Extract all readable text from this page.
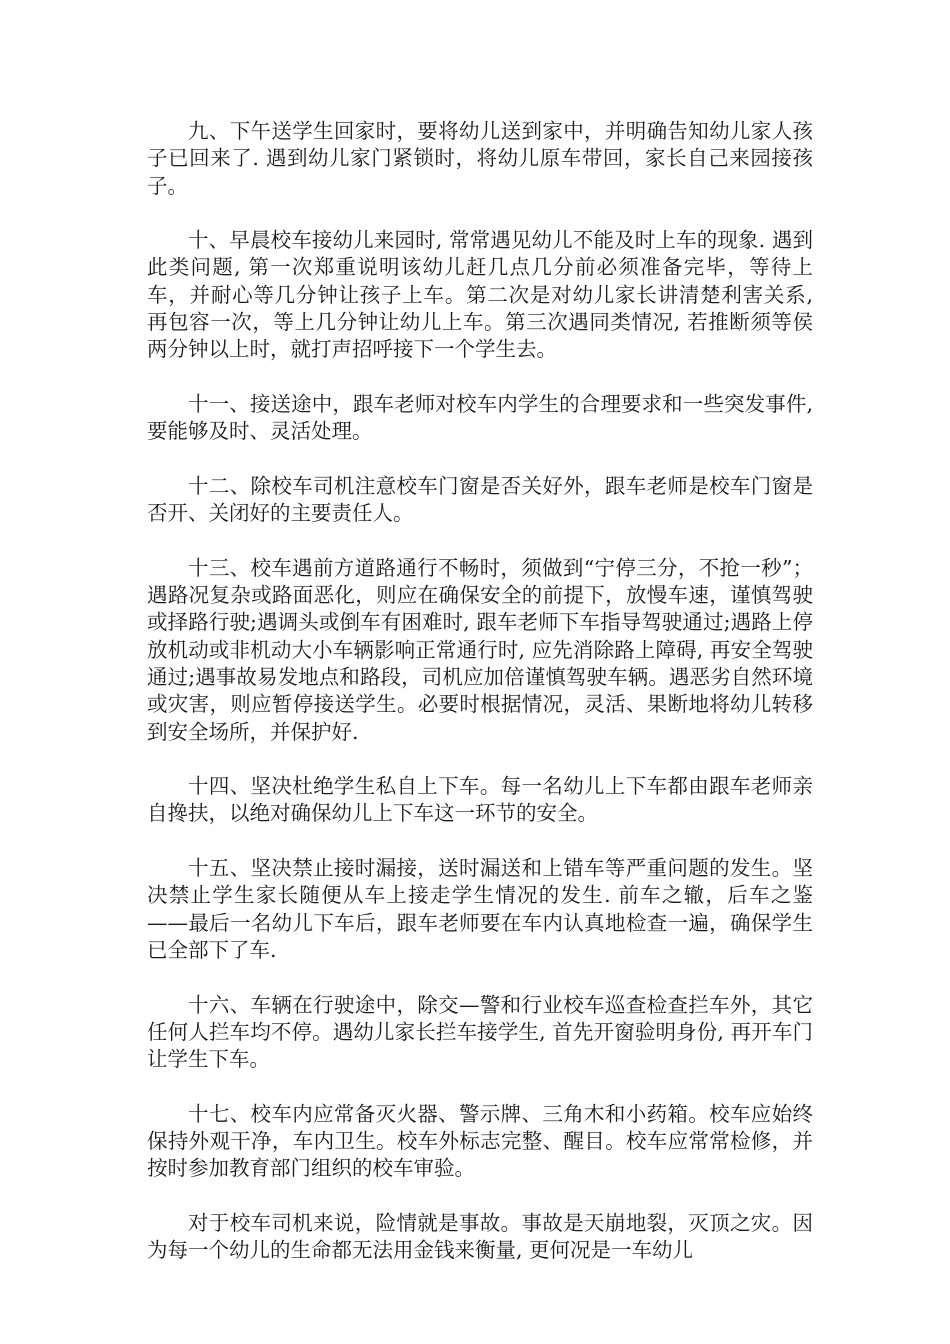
九、下午送学生回家时，要将幼儿送到家中，并明确告知幼儿家人孩子已回来了. 遇到幼儿家门紧锁时，将幼儿原车带回，家长自己来园接孩子。

十、早晨校车接幼儿来园时, 常常遇见幼儿不能及时上车的现象. 遇到此类问题, 第一次郑重说明该幼儿赶几点几分前必须准备完毕，等待上车，并耐心等几分钟让孩子上车。第二次是对幼儿家长讲清楚利害关系, 再包容一次，等上几分钟让幼儿上车。第三次遇同类情况, 若推断须等侯两分钟以上时，就打声招呼接下一个学生去。

十一、接送途中，跟车老师对校车内学生的合理要求和一些突发事件, 要能够及时、灵活处理。

十二、除校车司机注意校车门窗是否关好外，跟车老师是校车门窗是否开、关闭好的主要责任人。

十三、校车遇前方道路通行不畅时，须做到“宁停三分，不抢一秒”；遇路况复杂或路面恶化，则应在确保安全的前提下，放慢车速，谨慎驾驶或择路行驶;遇调头或倒车有困难时, 跟车老师下车指导驾驶通过;遇路上停放机动或非机动大小车辆影响正常通行时, 应先消除路上障碍, 再安全驾驶通过;遇事故易发地点和路段，司机应加倍谨慎驾驶车辆。遇恶劣自然环境或灾害，则应暂停接送学生。必要时根据情况，灵活、果断地将幼儿转移到安全场所，并保护好.

十四、坚决杜绝学生私自上下车。每一名幼儿上下车都由跟车老师亲自搀扶，以绝对确保幼儿上下车这一环节的安全。

十五、坚决禁止接时漏接，送时漏送和上错车等严重问题的发生。坚决禁止学生家长随便从车上接走学生情况的发生. 前车之辙，后车之鉴——最后一名幼儿下车后，跟车老师要在车内认真地检查一遍，确保学生已全部下了车.

十六、车辆在行驶途中，除交—警和行业校车巡查检查拦车外，其它任何人拦车均不停。遇幼儿家长拦车接学生, 首先开窗验明身份, 再开车门让学生下车。

十七、校车内应常备灭火器、警示牌、三角木和小药箱。校车应始终保持外观干净，车内卫生。校车外标志完整、醒目。校车应常常检修，并按时参加教育部门组织的校车审验。

对于校车司机来说，险情就是事故。事故是天崩地裂，灭顶之灾。因为每一个幼儿的生命都无法用金钱来衡量, 更何况是一车幼儿
